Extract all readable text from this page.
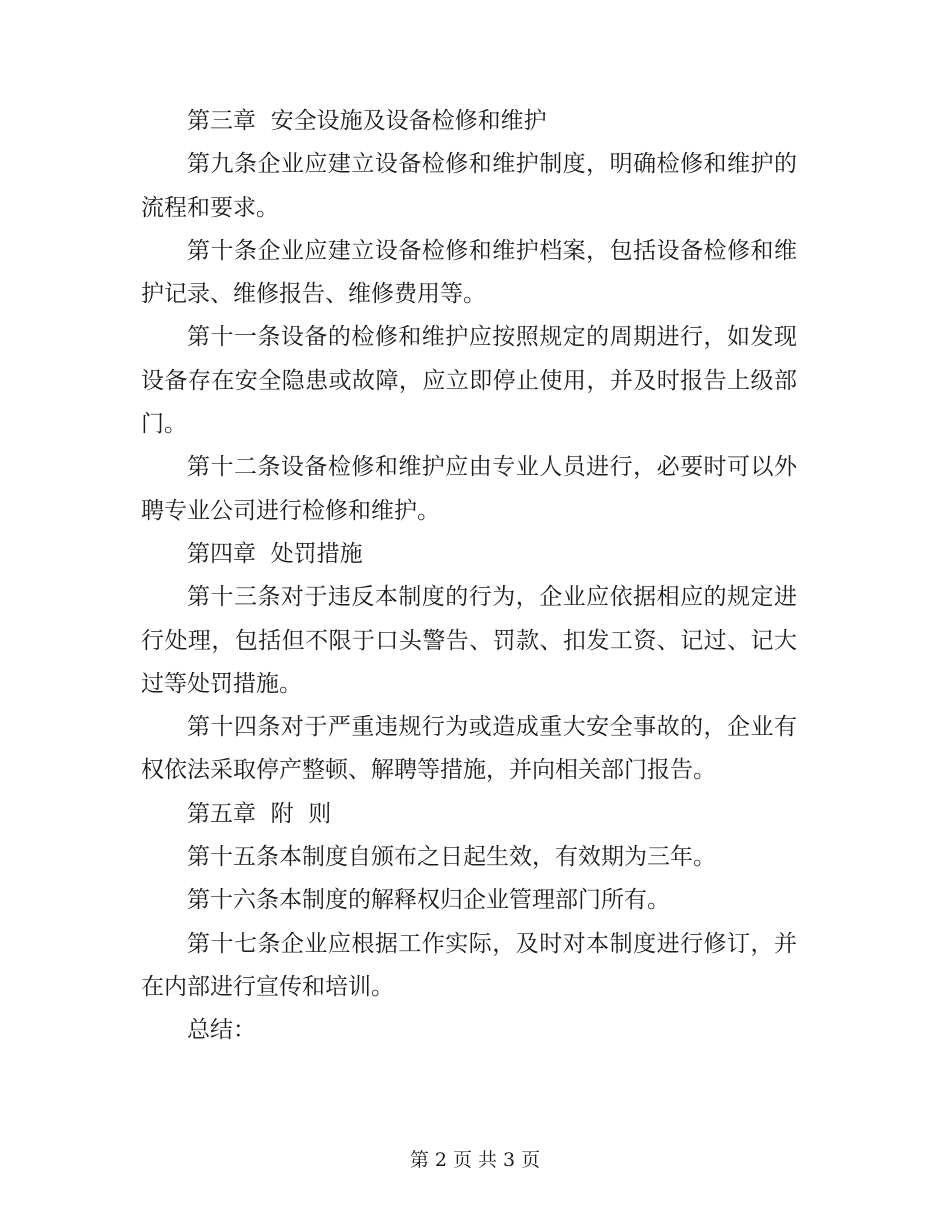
第三章  安全设施及设备检修和维护

第九条企业应建立设备检修和维护制度，明确检修和维护的流程和要求。

第十条企业应建立设备检修和维护档案，包括设备检修和维护记录、维修报告、维修费用等。

第十一条设备的检修和维护应按照规定的周期进行，如发现设备存在安全隐患或故障，应立即停止使用，并及时报告上级部门。

第十二条设备检修和维护应由专业人员进行，必要时可以外聘专业公司进行检修和维护。

第四章  处罚措施

第十三条对于违反本制度的行为，企业应依据相应的规定进行处理，包括但不限于口头警告、罚款、扣发工资、记过、记大过等处罚措施。

第十四条对于严重违规行为或造成重大安全事故的，企业有权依法采取停产整顿、解聘等措施，并向相关部门报告。

第五章  附  则

第十五条本制度自颁布之日起生效，有效期为三年。

第十六条本制度的解释权归企业管理部门所有。

第十七条企业应根据工作实际，及时对本制度进行修订，并在内部进行宣传和培训。

总结：

第 2 页 共 3 页
